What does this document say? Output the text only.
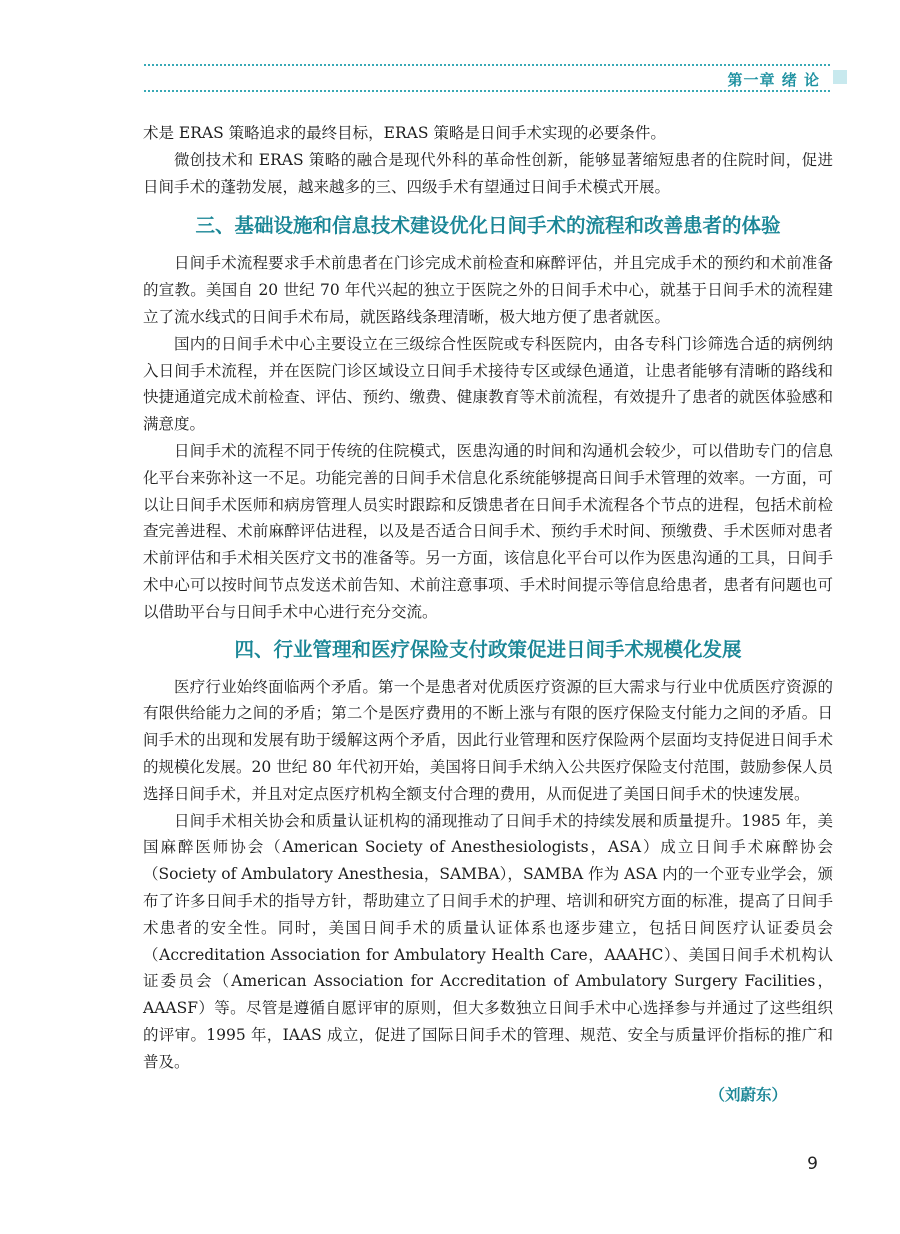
第一章 绪 论

术是 ERAS 策略追求的最终目标，ERAS 策略是日间手术实现的必要条件。

微创技术和 ERAS 策略的融合是现代外科的革命性创新，能够显著缩短患者的住院时间，促进日间手术的蓬勃发展，越来越多的三、四级手术有望通过日间手术模式开展。

三、基础设施和信息技术建设优化日间手术的流程和改善患者的体验

日间手术流程要求手术前患者在门诊完成术前检查和麻醉评估，并且完成手术的预约和术前准备的宣教。美国自 20 世纪 70 年代兴起的独立于医院之外的日间手术中心，就基于日间手术的流程建立了流水线式的日间手术布局，就医路线条理清晰，极大地方便了患者就医。

国内的日间手术中心主要设立在三级综合性医院或专科医院内，由各专科门诊筛选合适的病例纳入日间手术流程，并在医院门诊区域设立日间手术接待专区或绿色通道，让患者能够有清晰的路线和快捷通道完成术前检查、评估、预约、缴费、健康教育等术前流程，有效提升了患者的就医体验感和满意度。

日间手术的流程不同于传统的住院模式，医患沟通的时间和沟通机会较少，可以借助专门的信息化平台来弥补这一不足。功能完善的日间手术信息化系统能够提高日间手术管理的效率。一方面，可以让日间手术医师和病房管理人员实时跟踪和反馈患者在日间手术流程各个节点的进程，包括术前检查完善进程、术前麻醉评估进程，以及是否适合日间手术、预约手术时间、预缴费、手术医师对患者术前评估和手术相关医疗文书的准备等。另一方面，该信息化平台可以作为医患沟通的工具，日间手术中心可以按时间节点发送术前告知、术前注意事项、手术时间提示等信息给患者，患者有问题也可以借助平台与日间手术中心进行充分交流。

四、行业管理和医疗保险支付政策促进日间手术规模化发展

医疗行业始终面临两个矛盾。第一个是患者对优质医疗资源的巨大需求与行业中优质医疗资源的有限供给能力之间的矛盾；第二个是医疗费用的不断上涨与有限的医疗保险支付能力之间的矛盾。日间手术的出现和发展有助于缓解这两个矛盾，因此行业管理和医疗保险两个层面均支持促进日间手术的规模化发展。20 世纪 80 年代初开始，美国将日间手术纳入公共医疗保险支付范围，鼓励参保人员选择日间手术，并且对定点医疗机构全额支付合理的费用，从而促进了美国日间手术的快速发展。

日间手术相关协会和质量认证机构的涌现推动了日间手术的持续发展和质量提升。1985 年，美国麻醉医师协会（American Society of Anesthesiologists，ASA）成立日间手术麻醉协会（Society of Ambulatory Anesthesia，SAMBA），SAMBA 作为 ASA 内的一个亚专业学会，颁布了许多日间手术的指导方针，帮助建立了日间手术的护理、培训和研究方面的标准，提高了日间手术患者的安全性。同时，美国日间手术的质量认证体系也逐步建立，包括日间医疗认证委员会（Accreditation Association for Ambulatory Health Care，AAAHC）、美国日间手术机构认证委员会（American Association for Accreditation of Ambulatory Surgery Facilities，AAASF）等。尽管是遵循自愿评审的原则，但大多数独立日间手术中心选择参与并通过了这些组织的评审。1995 年，IAAS 成立，促进了国际日间手术的管理、规范、安全与质量评价指标的推广和普及。

（刘蔚东）
9
